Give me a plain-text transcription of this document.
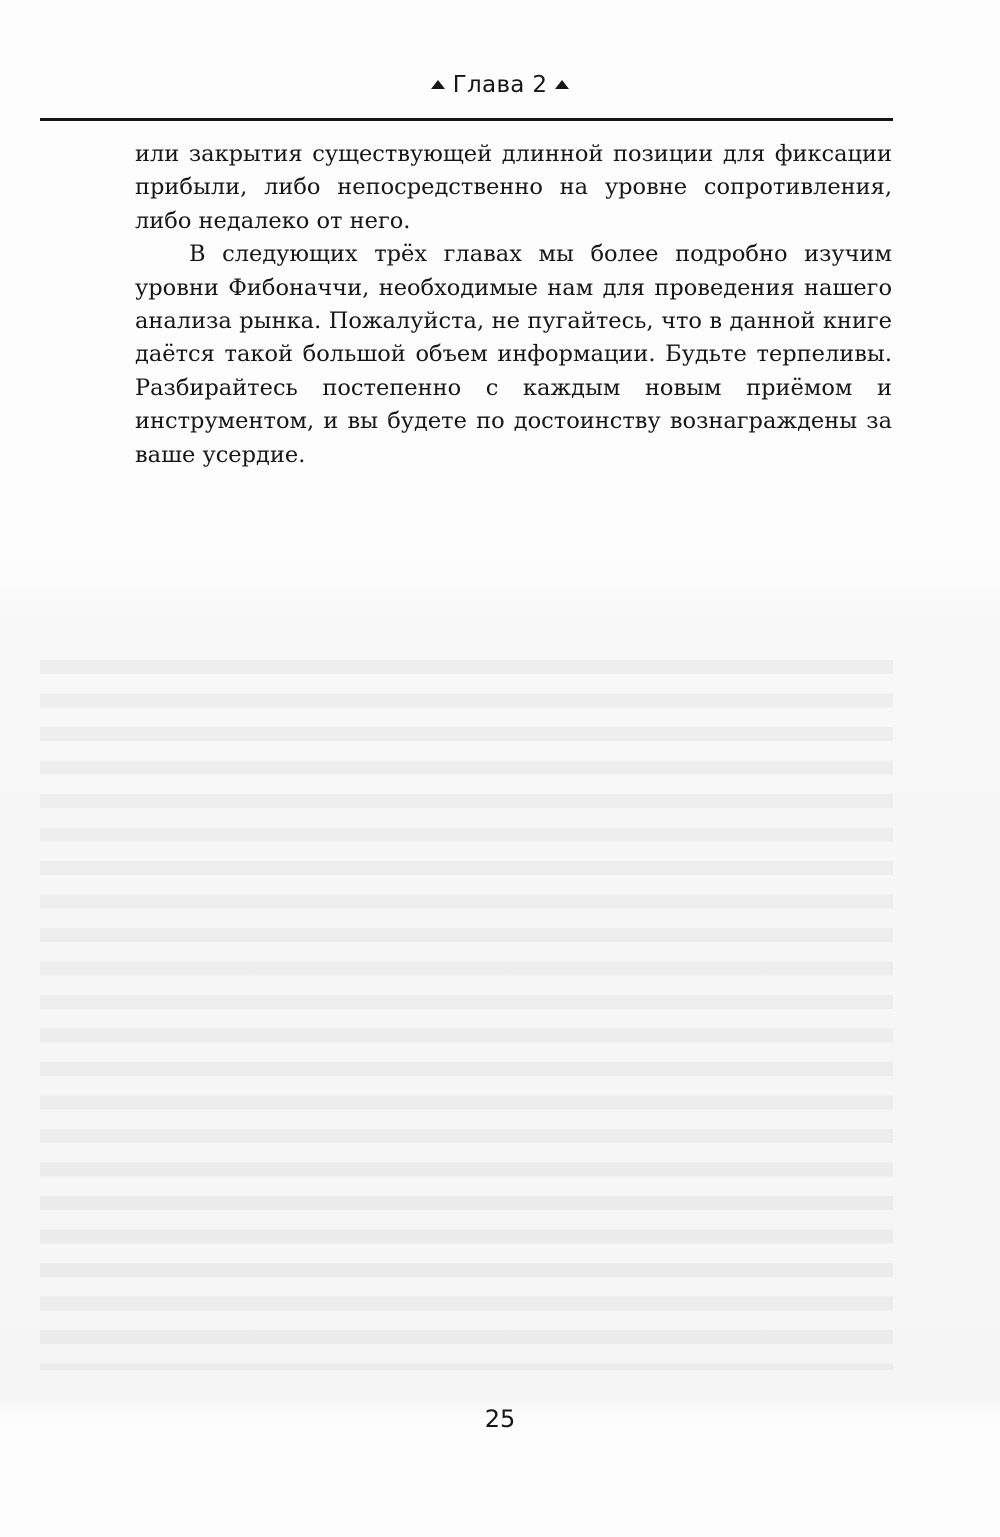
Глава 2

или закрытия существующей длинной позиции для фиксации прибыли, либо непосредственно на уровне сопротивления, либо недалеко от него.

В следующих трёх главах мы более подробно изучим уровни Фибоначчи, необходимые нам для проведения нашего анализа рынка. Пожалуйста, не пугайтесь, что в данной книге даётся такой большой объем информации. Будьте терпеливы. Разбирайтесь постепенно с каждым новым приёмом и инструментом, и вы будете по достоинству вознаграждены за ваше усердие.

25
